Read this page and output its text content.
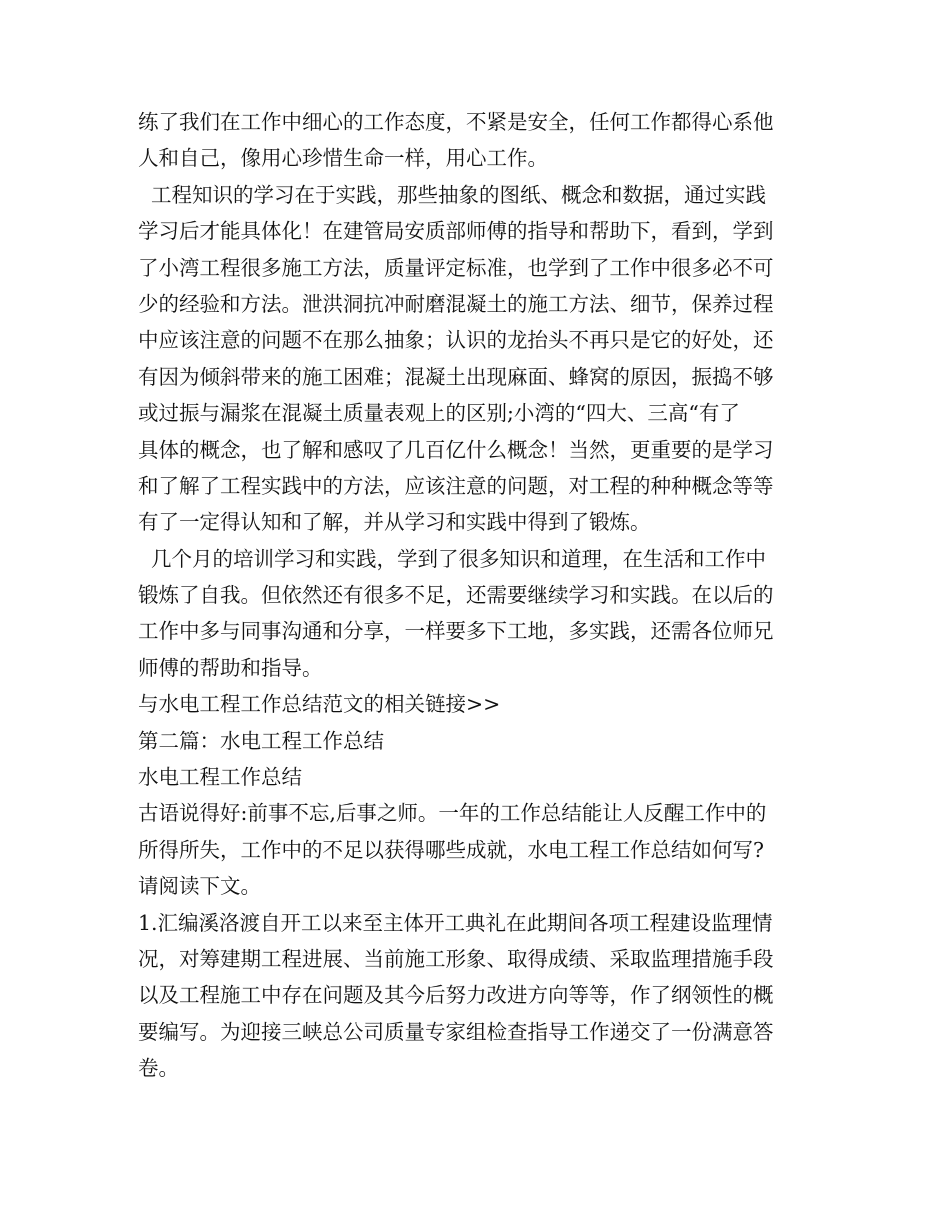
练了我们在工作中细心的工作态度，不紧是安全，任何工作都得心系他
人和自己，像用心珍惜生命一样，用心工作。
工程知识的学习在于实践，那些抽象的图纸、概念和数据，通过实践
学习后才能具体化！在建管局安质部师傅的指导和帮助下，看到，学到
了小湾工程很多施工方法，质量评定标准，也学到了工作中很多必不可
少的经验和方法。泄洪洞抗冲耐磨混凝土的施工方法、细节，保养过程
中应该注意的问题不在那么抽象；认识的龙抬头不再只是它的好处，还
有因为倾斜带来的施工困难；混凝土出现麻面、蜂窝的原因，振捣不够
或过振与漏浆在混凝土质量表观上的区别;小湾的“四大、三高“有了
具体的概念，也了解和感叹了几百亿什么概念！当然，更重要的是学习
和了解了工程实践中的方法，应该注意的问题，对工程的种种概念等等
有了一定得认知和了解，并从学习和实践中得到了锻炼。
几个月的培训学习和实践，学到了很多知识和道理，在生活和工作中
锻炼了自我。但依然还有很多不足，还需要继续学习和实践。在以后的
工作中多与同事沟通和分享，一样要多下工地，多实践，还需各位师兄
师傅的帮助和指导。
与水电工程工作总结范文的相关链接>>
第二篇：水电工程工作总结
水电工程工作总结
古语说得好:前事不忘,后事之师。一年的工作总结能让人反醒工作中的
所得所失，工作中的不足以获得哪些成就，水电工程工作总结如何写?
请阅读下文。
1.汇编溪洛渡自开工以来至主体开工典礼在此期间各项工程建设监理情
况，对筹建期工程进展、当前施工形象、取得成绩、采取监理措施手段
以及工程施工中存在问题及其今后努力改进方向等等，作了纲领性的概
要编写。为迎接三峡总公司质量专家组检查指导工作递交了一份满意答
卷。
